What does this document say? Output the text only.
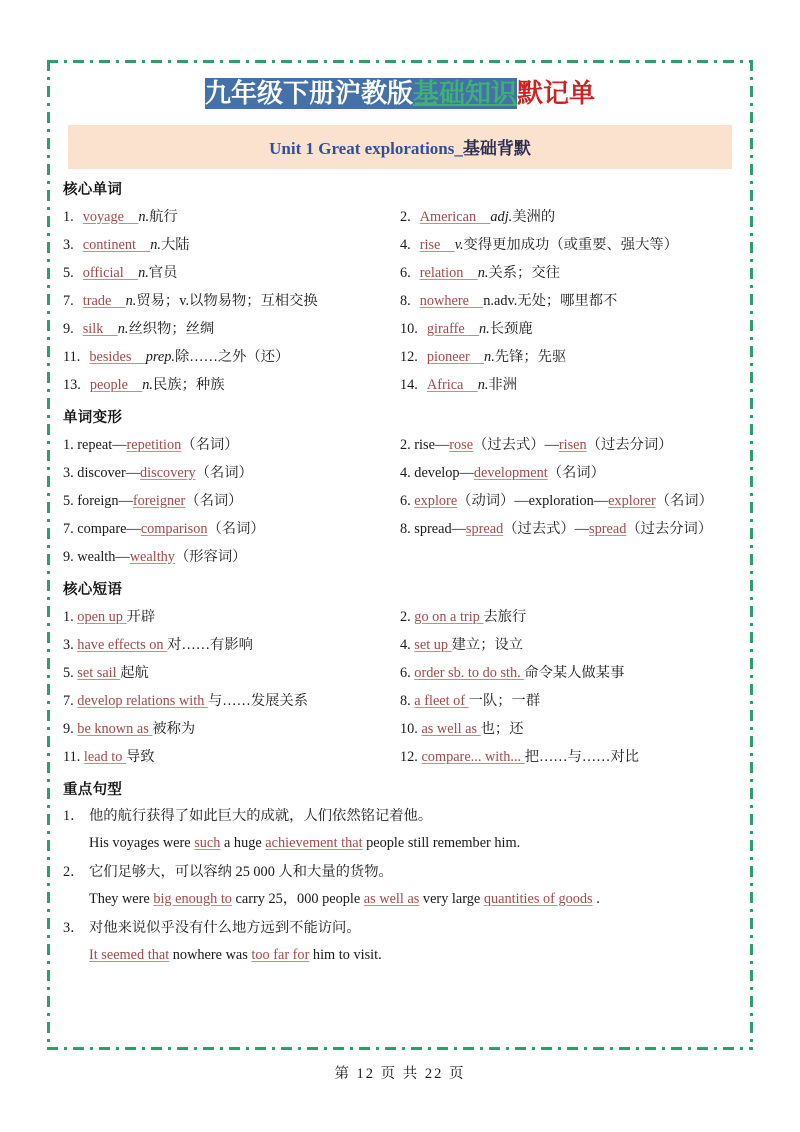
九年级下册沪教版基础知识默记单
Unit 1 Great explorations_基础背默
核心单词
1. voyage n.航行	2. American adj.美洲的
3. continent n.大陆	4. rise v.变得更加成功（或重要、强大等）
5. official n.官员	6. relation n.关系；交往
7. trade n.贸易；v.以物易物；互相交换	8. nowhere n.adv.无处；哪里都不
9. silk n.丝织物；丝绸	10. giraffe n.长颈鹿
11. besides prep.除……之外（还）	12. pioneer n.先锋；先驱
13. people n.民族；种族	14. Africa n.非洲
单词变形
1. repeat—repetition（名词）	2. rise—rose（过去式）—risen（过去分词）
3. discover—discovery（名词）	4. develop—development（名词）
5. foreign—foreigner（名词）	6. explore（动词）—exploration—explorer（名词）
7. compare—comparison（名词）	8. spread—spread（过去式）—spread（过去分词）
9. wealth—wealthy（形容词）
核心短语
1. open up 开辟	2. go on a trip 去旅行
3. have effects on 对……有影响	4. set up 建立；设立
5. set sail 起航	6. order sb. to do sth. 命令某人做某事
7. develop relations with 与……发展关系	8. a fleet of 一队；一群
9. be known as 被称为	10. as well as 也；还
11. lead to 导致	12. compare... with... 把……与……对比
重点句型
1． 他的航行获得了如此巨大的成就，人们依然铭记着他。
His voyages were such a huge achievement that people still remember him.
2． 它们足够大，可以容纳 25 000 人和大量的货物。
They were big enough to carry 25，000 people as well as very large quantities of goods .
3． 对他来说似乎没有什么地方远到不能访问。
It seemed that nowhere was too far for him to visit.
第 12 页 共 22 页
